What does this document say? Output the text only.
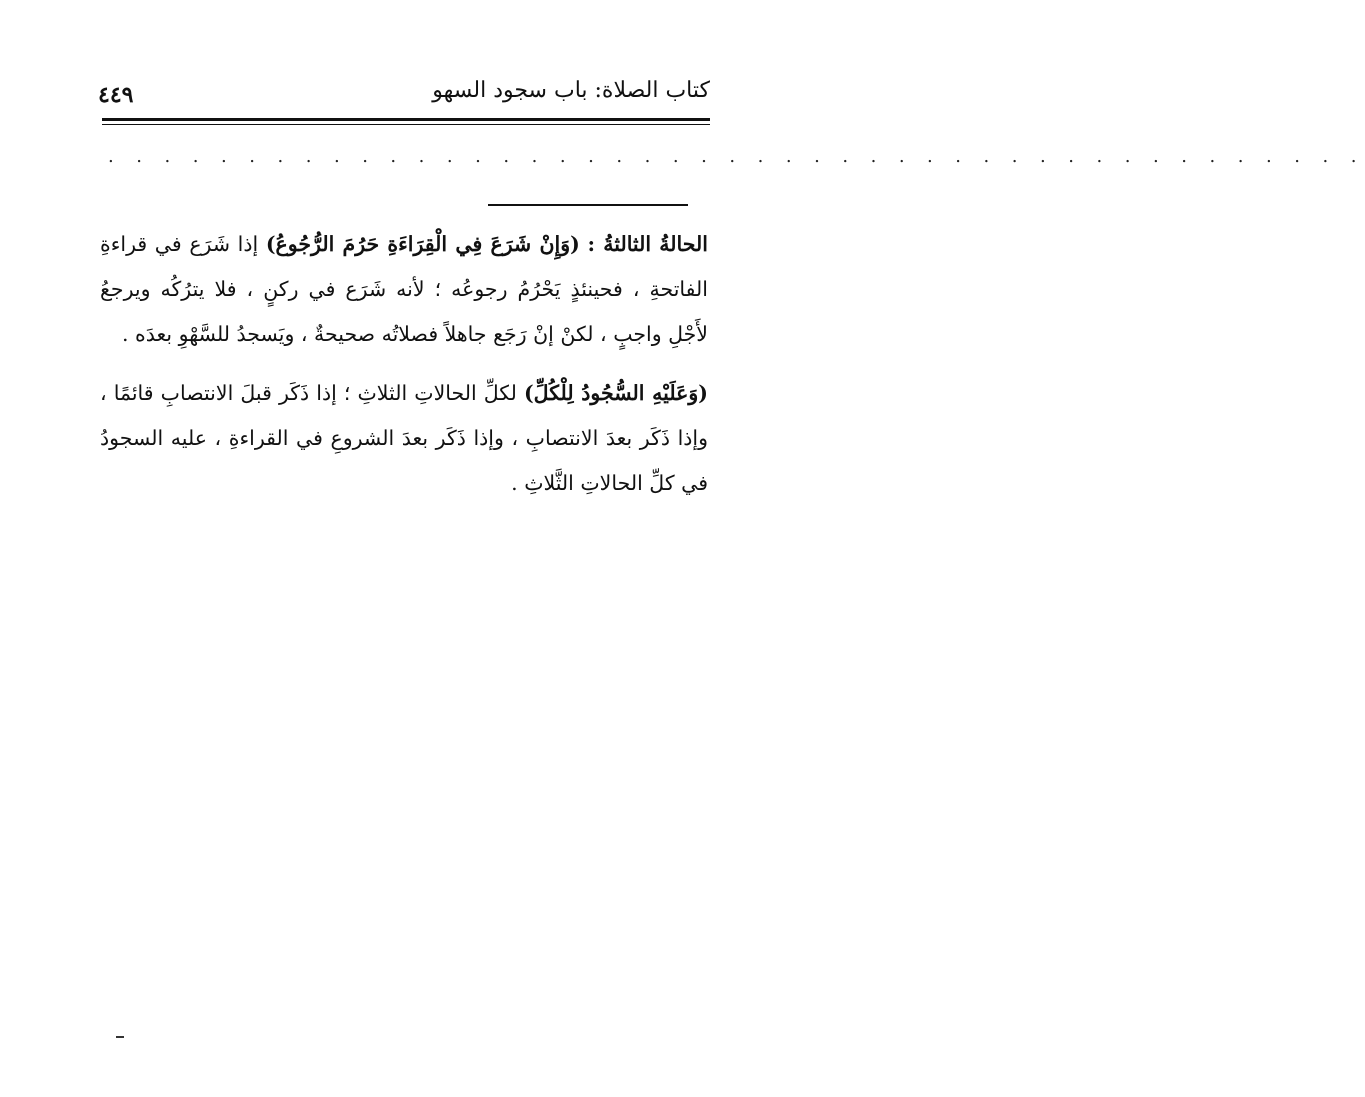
كتاب الصلاة: باب سجود السهو
٤٤٩
. . . . . . . . . . . . . . . . . . . . . . . . . . . . . . . . . . . . . . . . . . . . .

الحالةُ الثالثةُ : (وَإِنْ شَرَعَ فِي الْقِرَاءَةِ حَرُمَ الرُّجُوعُ) إذا شَرَع في قراءةِ الفاتحةِ ، فحينئذٍ يَحْرُمُ رجوعُه ؛ لأنه شَرَع في ركنٍ ، فلا يترُكُه ويرجعُ لأَجْلِ واجبٍ ، لكنْ إنْ رَجَع جاهلاً فصلاتُه صحيحةٌ ، ويَسجدُ للسَّهْوِ بعدَه .

(وَعَلَيْهِ السُّجُودُ لِلْكُلِّ) لكلِّ الحالاتِ الثلاثِ ؛ إذا ذَكَر قبلَ الانتصابِ قائمًا ، وإذا ذَكَر بعدَ الانتصابِ ، وإذا ذَكَر بعدَ الشروعِ في القراءةِ ، عليه السجودُ في كلِّ الحالاتِ الثَّلاثِ .
